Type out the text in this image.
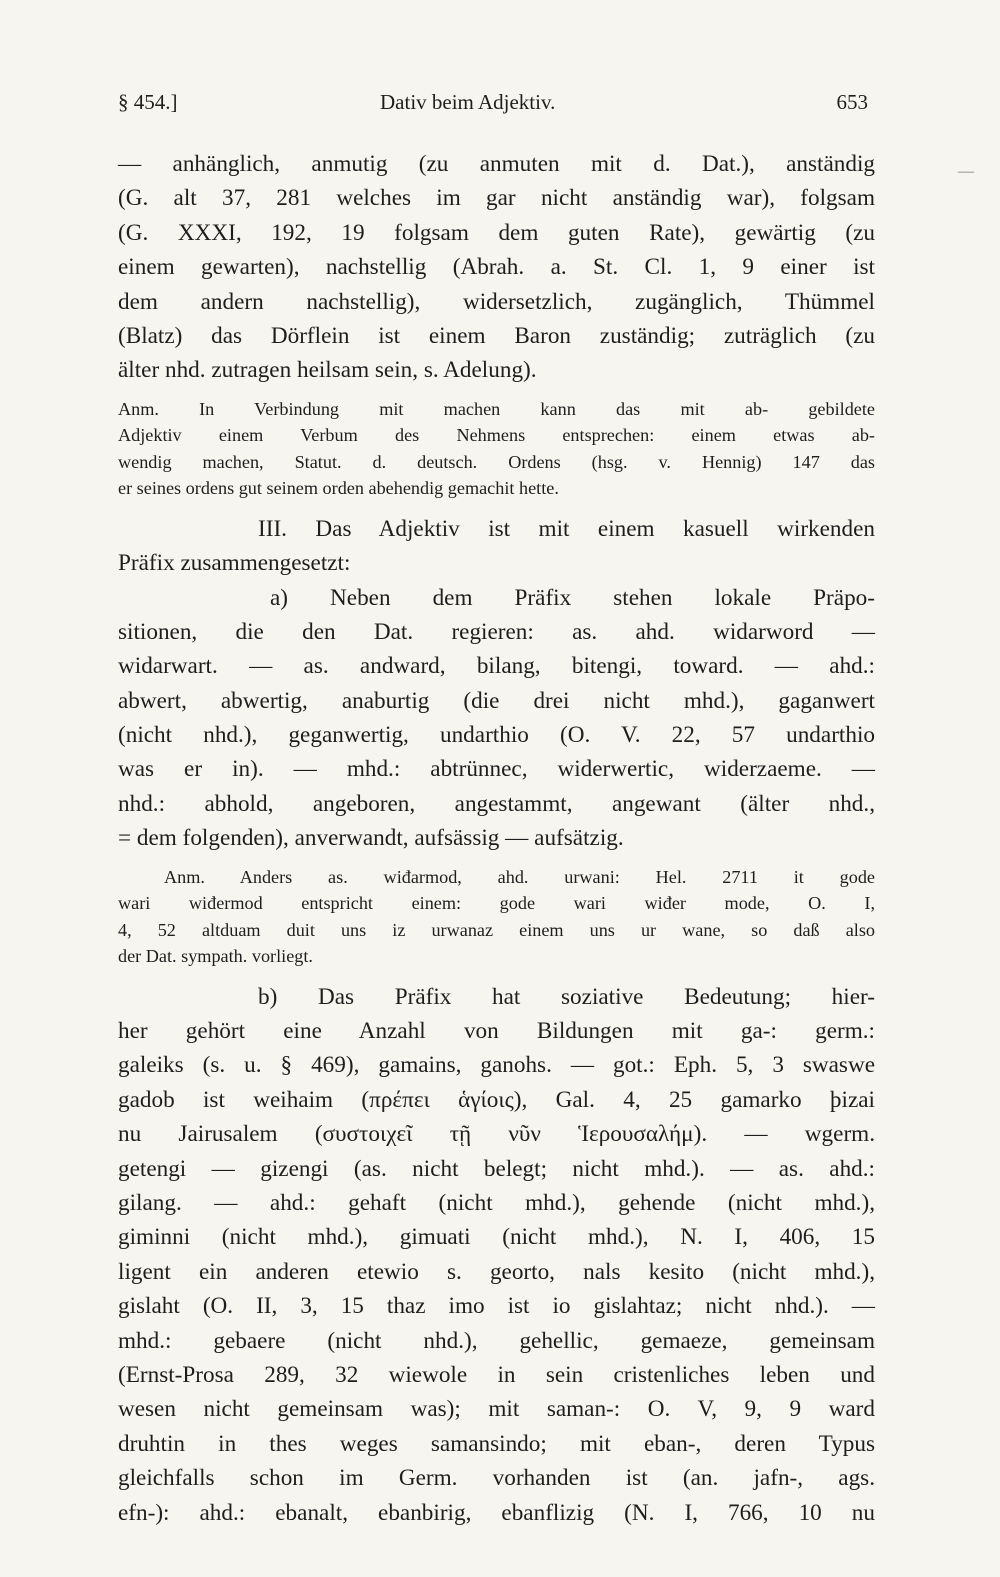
§ 454.]	Dativ beim Adjektiv.	653
—
— anhänglich, anmutig (zu anmuten mit d. Dat.), anständig
(G. alt 37, 281 welches im gar nicht anständig war), folgsam
(G. XXXI, 192, 19 folgsam dem guten Rate), gewärtig (zu
einem gewarten), nachstellig (Abrah. a. St. Cl. 1, 9 einer ist
dem andern nachstellig), widersetzlich, zugänglich, Thümmel
(Blatz) das Dörflein ist einem Baron zuständig; zuträglich (zu
älter nhd. zutragen heilsam sein, s. Adelung).
Anm. In Verbindung mit machen kann das mit ab- gebildete
Adjektiv einem Verbum des Nehmens entsprechen: einem etwas ab-
wendig machen, Statut. d. deutsch. Ordens (hsg. v. Hennig) 147 das
er seines ordens gut seinem orden abehendig gemachit hette.
III. Das Adjektiv ist mit einem kasuell wirkenden
Präfix zusammengesetzt:
a) Neben dem Präfix stehen lokale Präpo-
sitionen, die den Dat. regieren: as. ahd. widarword —
widarwart. — as. andward, bilang, bitengi, toward. — ahd.:
abwert, abwertig, anaburtig (die drei nicht mhd.), gaganwert
(nicht nhd.), geganwertig, undarthio (O. V. 22, 57 undarthio
was er in). — mhd.: abtrünnec, widerwertic, widerzaeme. —
nhd.: abhold, angeboren, angestammt, angewant (älter nhd.,
= dem folgenden), anverwandt, aufsässig — aufsätzig.
Anm. Anders as. wiđarmod, ahd. urwani: Hel. 2711 it gode
wari wiđermod entspricht einem: gode wari wiđer mode, O. I,
4, 52 altduam duit uns iz urwanaz einem uns ur wane, so daß also
der Dat. sympath. vorliegt.
b) Das Präfix hat soziative Bedeutung; hier-
her gehört eine Anzahl von Bildungen mit ga-: germ.:
galeiks (s. u. § 469), gamains, ganohs. — got.: Eph. 5, 3 swaswe
gadob ist weihaim (πρέπει ἁγίοις), Gal. 4, 25 gamarko þizai
nu Jairusalem (συστοιχεῖ τῇ νῦν Ἱερουσαλήμ). — wgerm.
getengi — gizengi (as. nicht belegt; nicht mhd.). — as. ahd.:
gilang. — ahd.: gehaft (nicht mhd.), gehende (nicht mhd.),
giminni (nicht mhd.), gimuati (nicht mhd.), N. I, 406, 15
ligent ein anderen etewio s. georto, nals kesito (nicht mhd.),
gislaht (O. II, 3, 15 thaz imo ist io gislahtaz; nicht nhd.). —
mhd.: gebaere (nicht nhd.), gehellic, gemaeze, gemeinsam
(Ernst-Prosa 289, 32 wiewole in sein cristenliches leben und
wesen nicht gemeinsam was); mit saman-: O. V, 9, 9 ward
druhtin in thes weges samansindo; mit eban-, deren Typus
gleichfalls schon im Germ. vorhanden ist (an. jafn-, ags.
efn-): ahd.: ebanalt, ebanbirig, ebanflizig (N. I, 766, 10 nu
